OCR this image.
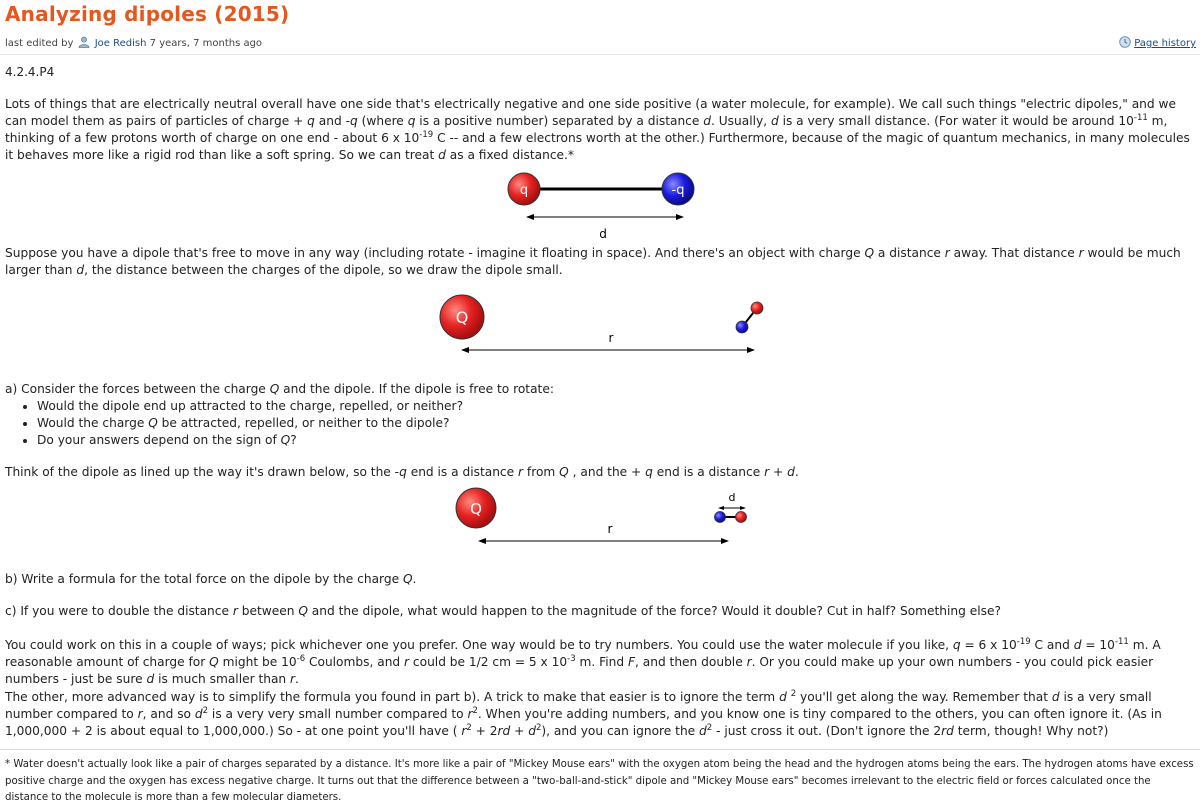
Analyzing dipoles (2015)
last edited by Joe Redish 7 years, 7 months ago	Page history
4.2.4.P4

Lots of things that are electrically neutral overall have one side that's electrically negative and one side positive (a water molecule, for example). We call such things "electric dipoles," and we can model them as pairs of particles of charge + q and -q (where q is a positive number) separated by a distance d. Usually, d is a very small distance. (For water it would be around $10^{-11}$ m, thinking of a few protons worth of charge on one end - about 6 x $10^{-19}$ C -- and a few electrons worth at the other.) Furthermore, because of the magic of quantum mechanics, in many molecules it behaves more like a rigid rod than like a soft spring. So we can treat d as a fixed distance.*

q	-q
d

Suppose you have a dipole that's free to move in any way (including rotate - imagine it floating in space). And there's an object with charge Q a distance r away. That distance r would be much larger than d, the distance between the charges of the dipole, so we draw the dipole small.

Q
r
a) Consider the forces between the charge Q and the dipole. If the dipole is free to rotate:
• Would the dipole end up attracted to the charge, repelled, or neither?
• Would the charge Q be attracted, repelled, or neither to the dipole?
• Do your answers depend on the sign of Q?

Think of the dipole as lined up the way it's drawn below, so the -q end is a distance r from Q , and the + q end is a distance r + d.

Q
d
r

b) Write a formula for the total force on the dipole by the charge Q.

c) If you were to double the distance r between Q and the dipole, what would happen to the magnitude of the force? Would it double? Cut in half? Something else?

You could work on this in a couple of ways; pick whichever one you prefer. One way would be to try numbers. You could use the water molecule if you like, q = 6 x $10^{-19}$ C and $d = 10^{-11}$ m. A reasonable amount of charge for Q might be $10^{-6}$ Coulombs, and r could be 1/2 cm = 5 x $10^{-3}$ m. Find F, and then double r. Or you could make up your own numbers - you could pick easier numbers - just be sure d is much smaller than r.

The other, more advanced way is to simplify the formula you found in part b). A trick to make that easier is to ignore the term d $^2$ you'll get along the way. Remember that d is a very small number compared to r, and so $d^2$ is a very very small number compared to $r^2$. When you're adding numbers, and you know one is tiny compared to the others, you can often ignore it. (As in 1,000,000 + 2 is about equal to 1,000,000.) So - at one point you'll have ( $r^2 + 2rd + d^2$), and you can ignore the $d^2$ - just cross it out. (Don't ignore the 2rd term, though! Why not?)

* Water doesn't actually look like a pair of charges separated by a distance. It's more like a pair of "Mickey Mouse ears" with the oxygen atom being the head and the hydrogen atoms being the ears. The hydrogen atoms have excess positive charge and the oxygen has excess negative charge. It turns out that the difference between a "two-ball-and-stick" dipole and "Mickey Mouse ears" becomes irrelevant to the electric field or forces calculated once the distance to the molecule is more than a few molecular diameters.
